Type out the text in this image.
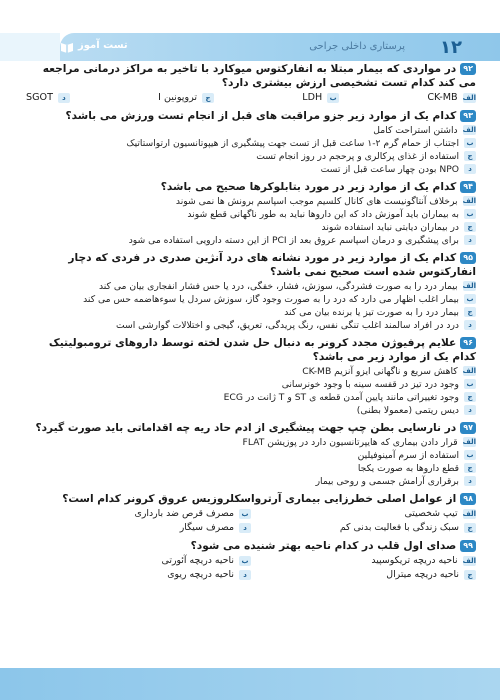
تست آموز	پرستاری داخلی جراحی ۱۲

۹۲در مواردی که بیمار مبتلا به انفارکتوس میوکارد با تاخیر به مراکز درمانی مراجعه می کند کدام تست تشخیصی ارزش بیشتری دارد؟

الف
CK-MB
ب
LDH
ج
تروپونین I
د
SGOT

۹۳کدام یک از موارد زیر جزو مراقبت های قبل از انجام تست ورزش می باشد؟

الف
داشتن استراحت کامل
ب
اجتناب از حمام گرم ۲-۱ ساعت قبل از تست جهت پیشگیری از هیپوتانسیون ارتواستاتیک
ج
استفاده از غذای پرکالری و پرحجم در روز انجام تست
د
NPO بودن چهار ساعت قبل از تست

۹۴کدام یک از موارد زیر در مورد بتابلوکرها صحیح می باشد؟

الف
برخلاف آنتاگونیست های کانال کلسیم موجب اسپاسم برونش ها نمی شوند
ب
به بیماران باید آموزش داد که این داروها نباید به طور ناگهانی قطع شوند
ج
در بیماران دیابتی نباید استفاده شوند
د
برای پیشگیری و درمان اسپاسم عروق بعد از PCI از این دسته دارویی استفاده می شود

۹۵کدام یک از موارد زیر در مورد نشانه های درد آنژین صدری در فردی که دچار انفارکتوس شده است صحیح نمی باشد؟

الف
بیمار درد را به صورت فشردگی، سوزش، فشار، خفگی، درد یا حس فشار انفجاری بیان می کند
ب
بیمار اغلب اظهار می دارد که درد را به صورت وجود گاز، سوزش سردل یا سوءهاضمه حس می کند
ج
بیمار درد را به صورت تیز یا برنده بیان می کند
د
درد در افراد سالمند اغلب تنگی نفس، رنگ پریدگی، تعریق، گیجی و اختلالات گوارشی است

۹۶علایم پرفیوژن مجدد کرونر به دنبال حل شدن لخته توسط داروهای ترومبولیتیک کدام یک از موارد زیر می باشد؟

الف
کاهش سریع و ناگهانی ایزو آنزیم CK-MB
ب
وجود درد تیز در قفسه سینه با وجود خونرسانی
ج
وجود تغییراتی مانند پایین آمدن قطعه ی ST و T ژانت در ECG
د
دیس ریتمی (معمولا بطنی)

۹۷در نارسایی بطن چپ جهت پیشگیری از ادم حاد ریه چه اقداماتی باید صورت گیرد؟

الف
قرار دادن بیماری که هایپرتانسیون دارد در پوزیشن FLAT
ب
استفاده از سرم آمینوفیلین
ج
قطع داروها به صورت یکجا
د
برقراری آرامش جسمی و روحی بیمار

۹۸از عوامل اصلی خطرزایی بیماری آرترواسکلروزیس عروق کرونر کدام است؟

الف
تیپ شخصیتی
ب
مصرف قرص ضد بارداری
ج
سبک زندگی با فعالیت بدنی کم
د
مصرف سیگار

۹۹صدای اول قلب در کدام ناحیه بهتر شنیده می شود؟

الف
ناحیه دریچه تریکوسپید
ب
ناحیه دریچه آئورتی
ج
ناحیه دریچه میترال
د
ناحیه دریچه ریوی
